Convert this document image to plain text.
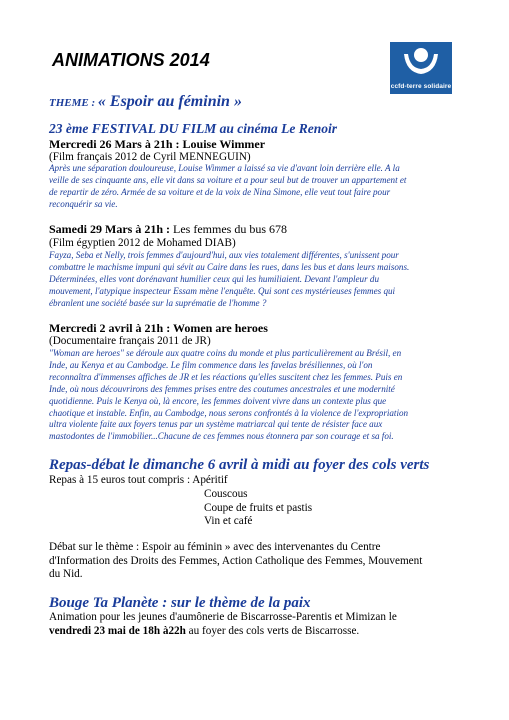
ANIMATIONS 2014
ccfd-terre solidaire
THEME : « Espoir au féminin »
23 ème FESTIVAL DU FILM au cinéma Le Renoir
Mercredi 26 Mars à 21h : Louise Wimmer
(Film français 2012 de Cyril MENNEGUIN)
Après une séparation douloureuse, Louise Wimmer a laissé sa vie d'avant loin derrière elle. A la
veille de ses cinquante ans, elle vit dans sa voiture et a pour seul but de trouver un appartement et
de repartir de zéro. Armée de sa voiture et de la voix de Nina Simone, elle veut tout faire pour
reconquérir sa vie.
Samedi 29 Mars à 21h : Les femmes du bus 678
(Film égyptien 2012 de Mohamed DIAB)
Fayza, Seba et Nelly, trois femmes d'aujourd'hui, aux vies totalement différentes, s'unissent pour
combattre le machisme impuni qui sévit au Caire dans les rues, dans les bus et dans leurs maisons.
Déterminées, elles vont dorénavant humilier ceux qui les humiliaient. Devant l'ampleur du
mouvement, l'atypique inspecteur Essam mène l'enquête. Qui sont ces mystérieuses femmes qui
ébranlent une société basée sur la suprématie de l'homme ?
Mercredi 2 avril à 21h : Women are heroes
(Documentaire français 2011 de JR)
"Woman are heroes" se déroule aux quatre coins du monde et plus particulièrement au Brésil, en
Inde, au Kenya et au Cambodge. Le film commence dans les favelas brésiliennes, où l'on
reconnaîtra d'immenses affiches de JR et les réactions qu'elles suscitent chez les femmes. Puis en
Inde, où nous découvrirons des femmes prises entre des coutumes ancestrales et une modernité
quotidienne. Puis le Kenya où, là encore, les femmes doivent vivre dans un contexte plus que
chaotique et instable. Enfin, au Cambodge, nous serons confrontés à la violence de l'expropriation
ultra violente faite aux foyers tenus par un système matriarcal qui tente de résister face aux
mastodontes de l'immobilier...Chacune de ces femmes nous étonnera par son courage et sa foi.
Repas-débat le dimanche 6 avril à midi au foyer des cols verts
Repas à 15 euros tout compris : Apéritif
Couscous
Coupe de fruits et pastis
Vin et café
Débat sur le thème : Espoir au féminin » avec des intervenantes du Centre
d'Information des Droits des Femmes, Action Catholique des Femmes, Mouvement
du Nid.
Bouge Ta Planète : sur le thème de la paix
Animation pour les jeunes d'aumônerie de Biscarrosse-Parentis et Mimizan le
vendredi 23 mai de 18h à22h au foyer des cols verts de Biscarrosse.
